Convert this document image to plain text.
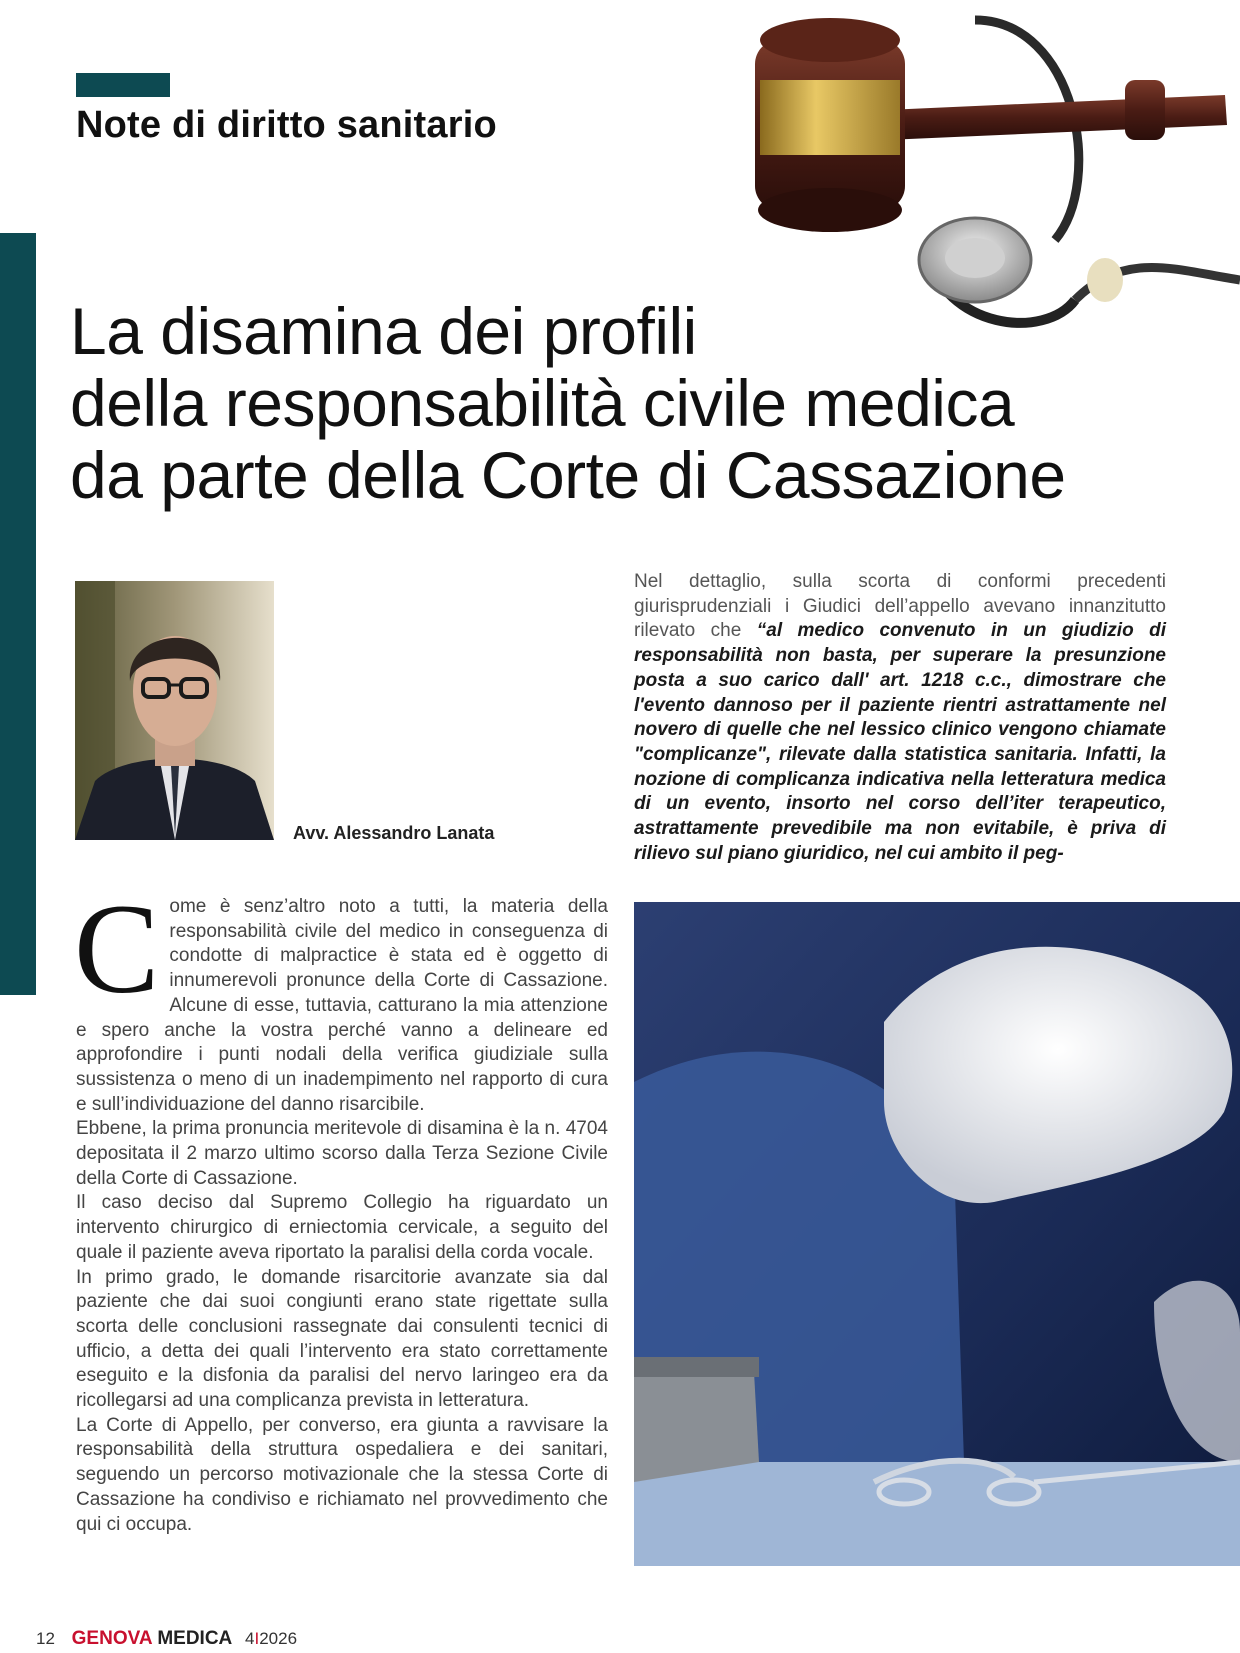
Note di diritto sanitario
La disamina dei profili
della responsabilità civile medica
da parte della Corte di Cassazione

Avv. Alessandro Lanata

Nel dettaglio, sulla scorta di conformi precedenti giurisprudenziali i Giudici dell’appello avevano innanzitutto rilevato che “al medico convenuto in un giudizio di responsabilità non basta, per superare la presunzione posta a suo carico dall' art. 1218 c.c., dimostrare che l'evento dannoso per il paziente rientri astrattamente nel novero di quelle che nel lessico clinico vengono chiamate "complicanze", rilevate dalla statistica sanitaria. Infatti, la nozione di complicanza indicativa nella letteratura medica di un evento, insorto nel corso dell’iter terapeutico, astrattamente prevedibile ma non evitabile, è priva di rilievo sul piano giuridico, nel cui ambito il peg-

Come è senz’altro noto a tutti, la materia della responsabilità civile del medico in conseguenza di condotte di malpractice è stata ed è oggetto di innumerevoli pronunce della Corte di Cassazione. Alcune di esse, tuttavia, catturano la mia attenzione e spero anche la vostra perché vanno a delineare ed approfondire i punti nodali della verifica giudiziale sulla sussistenza o meno di un inadempimento nel rapporto di cura e sull’individuazione del danno risarcibile.

Ebbene, la prima pronuncia meritevole di disamina è la n. 4704 depositata il 2 marzo ultimo scorso dalla Terza Sezione Civile della Corte di Cassazione.

Il caso deciso dal Supremo Collegio ha riguardato un intervento chirurgico di erniectomia cervicale, a seguito del quale il paziente aveva riportato la paralisi della corda vocale.

In primo grado, le domande risarcitorie avanzate sia dal paziente che dai suoi congiunti erano state rigettate sulla scorta delle conclusioni rassegnate dai consulenti tecnici di ufficio, a detta dei quali l’intervento era stato correttamente eseguito e la disfonia da paralisi del nervo laringeo era da ricollegarsi ad una complicanza prevista in letteratura.

La Corte di Appello, per converso, era giunta a ravvisare la responsabilità della struttura ospedaliera e dei sanitari, seguendo un percorso motivazionale che la stessa Corte di Cassazione ha condiviso e richiamato nel provvedimento che qui ci occupa.

12 GENOVA MEDICA 4I2026
